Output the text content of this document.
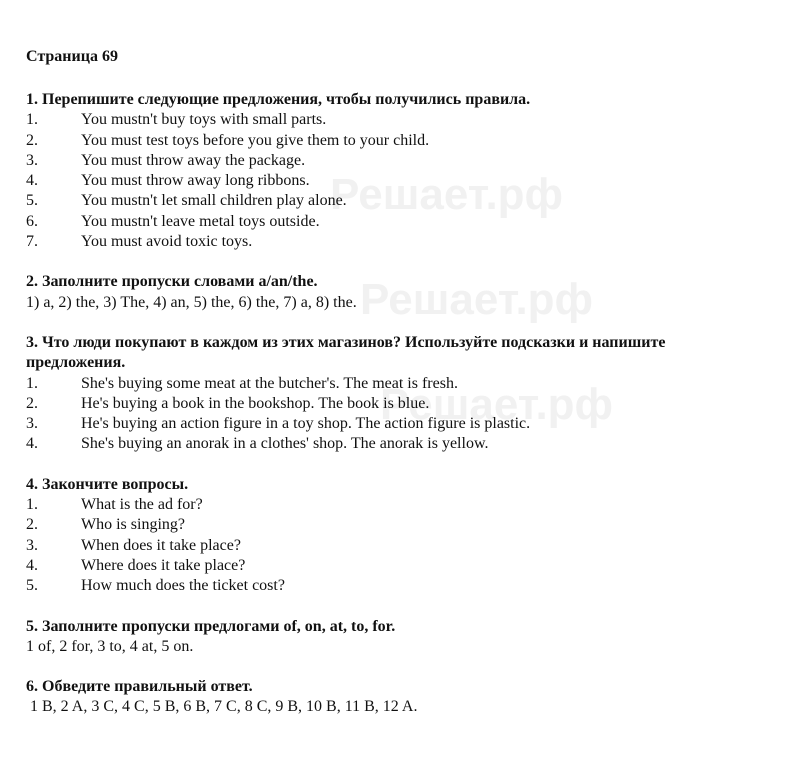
Решает.рф
Решает.рф
Решает.рф
Страница 69
1. Перепишите следующие предложения, чтобы получились правила.
1.	You mustn't buy toys with small parts.
2.	You must test toys before you give them to your child.
3.	You must throw away the package.
4.	You must throw away long ribbons.
5.	You mustn't let small children play alone.
6.	You mustn't leave metal toys outside.
7.	You must avoid toxic toys.
2. Заполните пропуски словами a/an/the.
1) a, 2) the, 3) The, 4) an, 5) the, 6) the, 7) a, 8) the.
3. Что люди покупают в каждом из этих магазинов? Используйте подсказки и напишите предложения.
1.	She's buying some meat at the butcher's. The meat is fresh.
2.	He's buying a book in the bookshop. The book is blue.
3.	He's buying an action figure in a toy shop. The action figure is plastic.
4.	She's buying an anorak in a clothes' shop. The anorak is yellow.
4. Закончите вопросы.
1.	What is the ad for?
2.	Who is singing?
3.	When does it take place?
4.	Where does it take place?
5.	How much does the ticket cost?
5. Заполните пропуски предлогами of, on, at, to, for.
1 of, 2 for, 3 to, 4 at, 5 on.
6. Обведите правильный ответ.
1 B, 2 A, 3 C, 4 C, 5 B, 6 B, 7 C, 8 C, 9 B, 10 B, 11 B, 12 A.
